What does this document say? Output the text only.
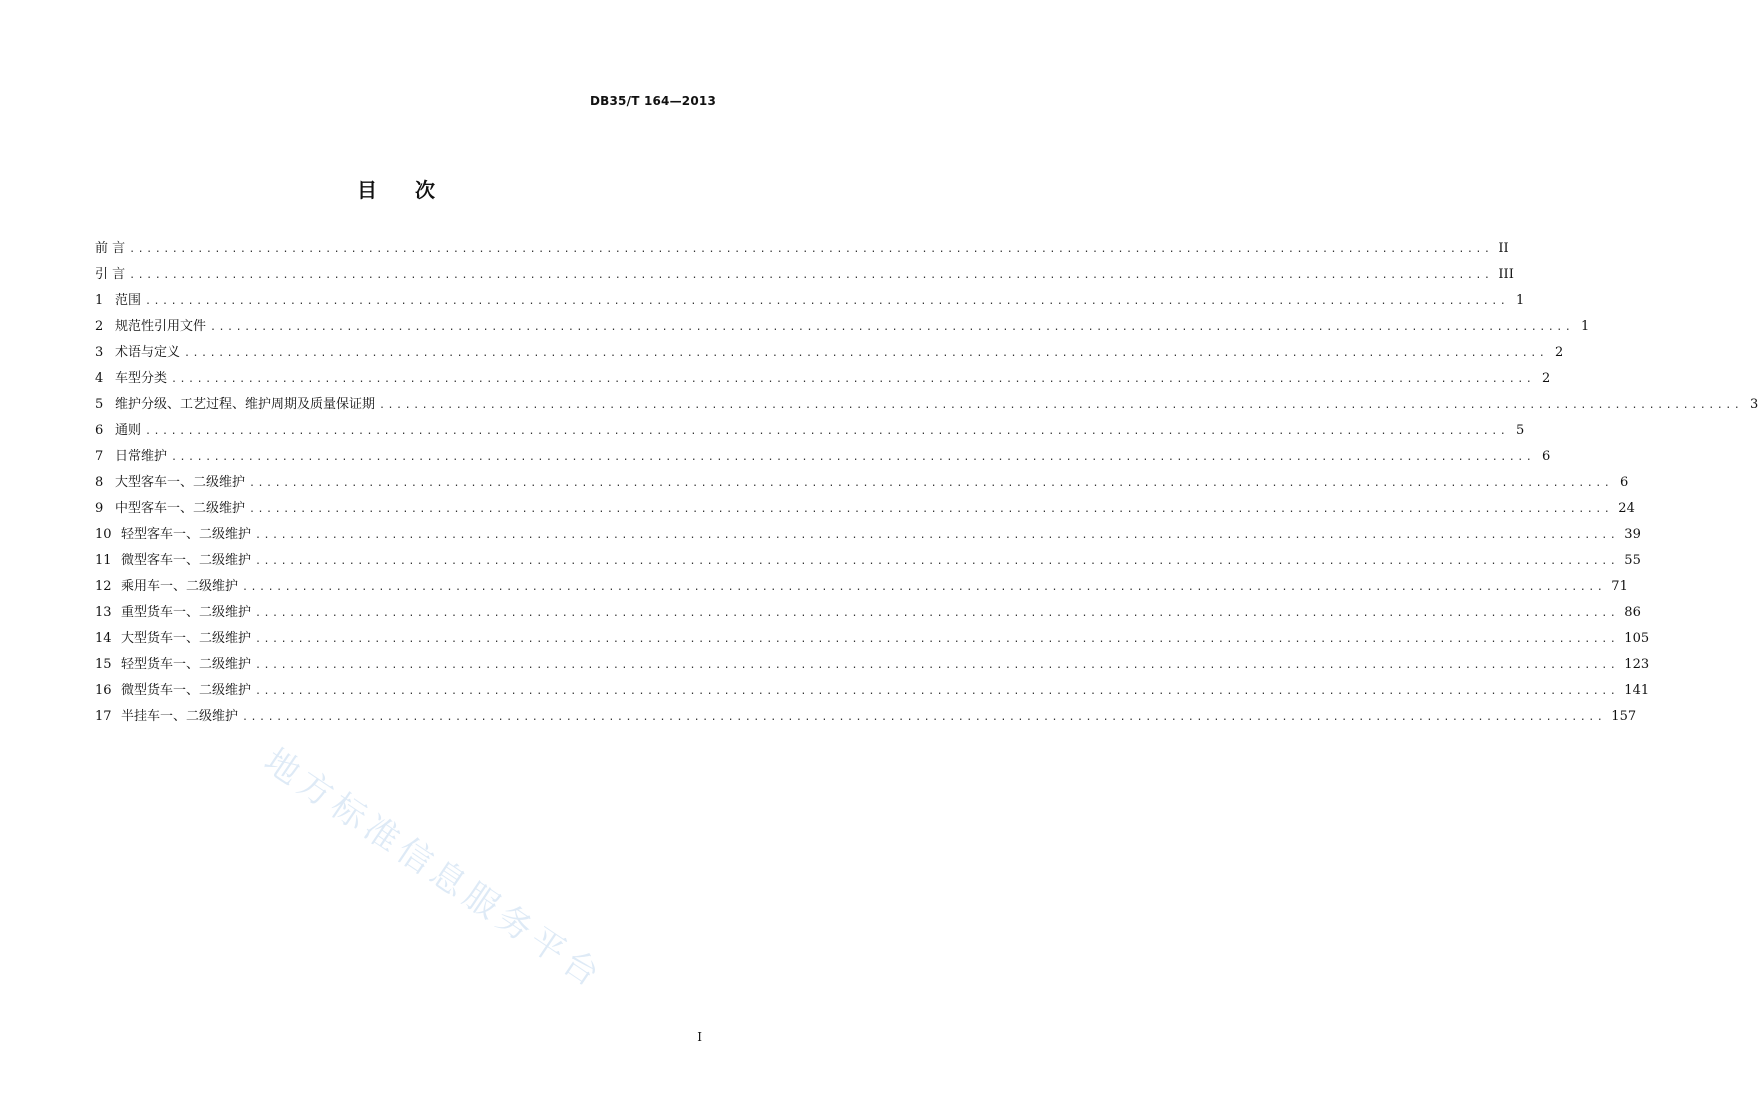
DB35/T 164—2013
目 次
前 言 ................................................................................................................................................................ II
引 言 ................................................................................................................................................................ III
1 范围 ................................................................................................................................................................ 1
2 规范性引用文件 ................................................................................................................................................................ 1
3 术语与定义 ................................................................................................................................................................ 2
4 车型分类 ................................................................................................................................................................ 2
5 维护分级、工艺过程、维护周期及质量保证期 ................................................................................................................................................................ 3
6 通则 ................................................................................................................................................................ 5
7 日常维护 ................................................................................................................................................................ 6
8 大型客车一、二级维护 ................................................................................................................................................................ 6
9 中型客车一、二级维护 ................................................................................................................................................................ 24
10 轻型客车一、二级维护 ................................................................................................................................................................ 39
11 微型客车一、二级维护 ................................................................................................................................................................ 55
12 乘用车一、二级维护 ................................................................................................................................................................ 71
13 重型货车一、二级维护 ................................................................................................................................................................ 86
14 大型货车一、二级维护 ................................................................................................................................................................ 105
15 轻型货车一、二级维护 ................................................................................................................................................................ 123
16 微型货车一、二级维护 ................................................................................................................................................................ 141
17 半挂车一、二级维护 ................................................................................................................................................................ 157
地方标准信息服务平台
I
